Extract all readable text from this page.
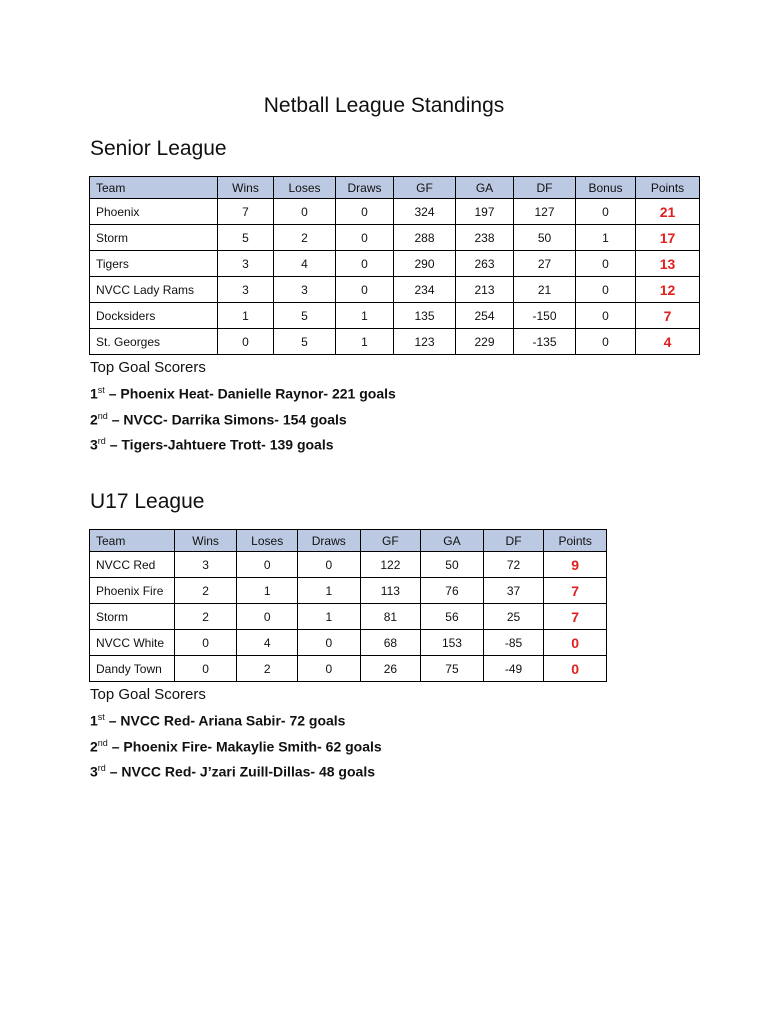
Netball League Standings
Senior League
Team	Wins	Loses	Draws	GF	GA	DF	Bonus	Points
Phoenix	7	0	0	324	197	127	0	21
Storm	5	2	0	288	238	50	1	17
Tigers	3	4	0	290	263	27	0	13
NVCC Lady Rams	3	3	0	234	213	21	0	12
Docksiders	1	5	1	135	254	-150	0	7
St. Georges	0	5	1	123	229	-135	0	4
Top Goal Scorers
1st – Phoenix Heat- Danielle Raynor- 221 goals
2nd – NVCC- Darrika Simons- 154 goals
3rd – Tigers-Jahtuere Trott- 139 goals
U17 League
Team	Wins	Loses	Draws	GF	GA	DF	Points
NVCC Red	3	0	0	122	50	72	9
Phoenix Fire	2	1	1	113	76	37	7
Storm	2	0	1	81	56	25	7
NVCC White	0	4	0	68	153	-85	0
Dandy Town	0	2	0	26	75	-49	0
Top Goal Scorers
1st – NVCC Red- Ariana Sabir- 72 goals
2nd – Phoenix Fire- Makaylie Smith- 62 goals
3rd – NVCC Red- J’zari Zuill-Dillas- 48 goals
